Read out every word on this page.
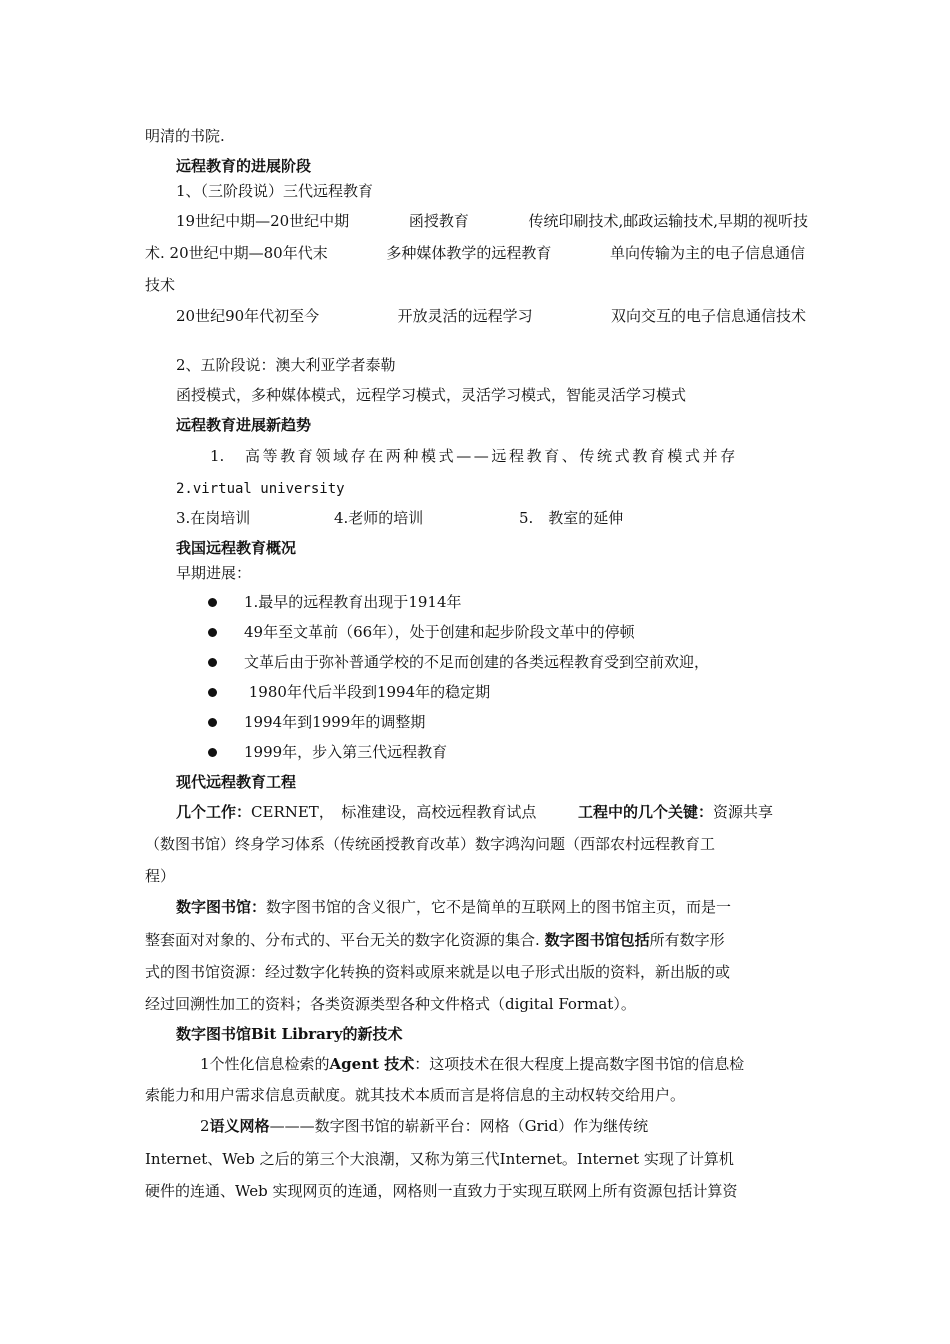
明清的书院.
远程教育的进展阶段
1、（三阶段说）三代远程教育
19世纪中期—20世纪中期	函授教育	传统印刷技术,邮政运输技术,早期的视听技
术. 20世纪中期—80年代末	多种媒体教学的远程教育	单向传输为主的电子信息通信
技术
20世纪90年代初至今	开放灵活的远程学习	双向交互的电子信息通信技术
2、五阶段说：澳大利亚学者泰勒
函授模式，多种媒体模式，远程学习模式，灵活学习模式，智能灵活学习模式
远程教育进展新趋势
1. 高等教育领域存在两种模式——远程教育、传统式教育模式并存
2.virtual university
3.在岗培训	4.老师的培训	5.　教室的延伸
我国远程教育概况
早期进展：
1.最早的远程教育出现于1914年
49年至文革前（66年），处于创建和起步阶段文革中的停顿
文革后由于弥补普通学校的不足而创建的各类远程教育受到空前欢迎，
1980年代后半段到1994年的稳定期
1994年到1999年的调整期
1999年，步入第三代远程教育
现代远程教育工程
几个工作：CERNET，　标准建设，高校远程教育试点	工程中的几个关键：资源共享
（数图书馆）终身学习体系（传统函授教育改革）数字鸿沟问题（西部农村远程教育工
程）
数字图书馆：数字图书馆的含义很广，它不是简单的互联网上的图书馆主页，而是一
整套面对对象的、分布式的、平台无关的数字化资源的集合. 数字图书馆包括所有数字形
式的图书馆资源：经过数字化转换的资料或原来就是以电子形式出版的资料，新出版的或
经过回溯性加工的资料；各类资源类型各种文件格式（digital Format）。
数字图书馆Bit Library的新技术
1个性化信息检索的Agent 技术：这项技术在很大程度上提高数字图书馆的信息检
索能力和用户需求信息贡献度。就其技术本质而言是将信息的主动权转交给用户。
2语义网格———数字图书馆的崭新平台：网格（Grid）作为继传统
Internet、Web 之后的第三个大浪潮，又称为第三代Internet。Internet 实现了计算机
硬件的连通、Web 实现网页的连通，网格则一直致力于实现互联网上所有资源包括计算资
